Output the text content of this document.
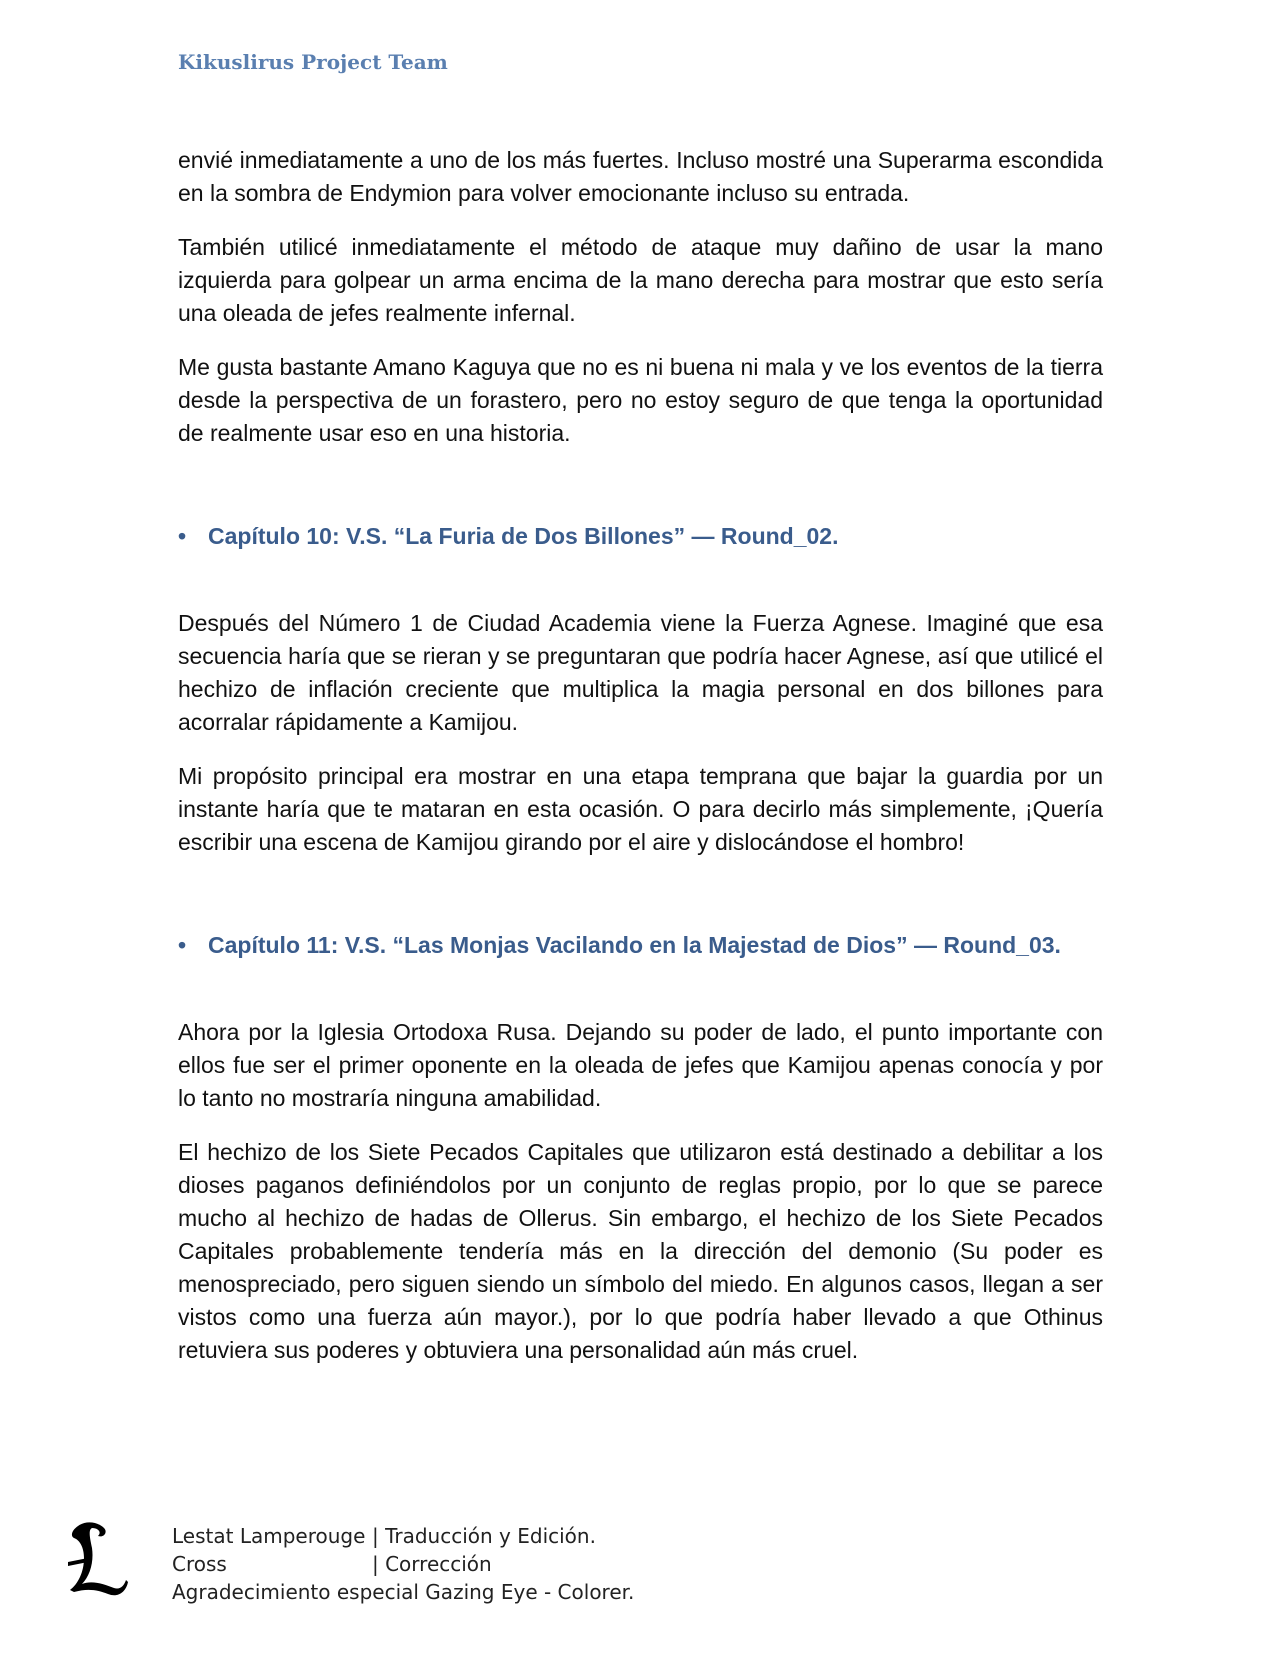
Kikuslirus Project Team

envié inmediatamente a uno de los más fuertes. Incluso mostré una Superarma escondida en la sombra de Endymion para volver emocionante incluso su entrada.

También utilicé inmediatamente el método de ataque muy dañino de usar la mano izquierda para golpear un arma encima de la mano derecha para mostrar que esto sería una oleada de jefes realmente infernal.

Me gusta bastante Amano Kaguya que no es ni buena ni mala y ve los eventos de la tierra desde la perspectiva de un forastero, pero no estoy seguro de que tenga la oportunidad de realmente usar eso en una historia.

• Capítulo 10: V.S. “La Furia de Dos Billones” — Round_02.

Después del Número 1 de Ciudad Academia viene la Fuerza Agnese. Imaginé que esa secuencia haría que se rieran y se preguntaran que podría hacer Agnese, así que utilicé el hechizo de inflación creciente que multiplica la magia personal en dos billones para acorralar rápidamente a Kamijou.

Mi propósito principal era mostrar en una etapa temprana que bajar la guardia por un instante haría que te mataran en esta ocasión. O para decirlo más simplemente, ¡Quería escribir una escena de Kamijou girando por el aire y dislocándose el hombro!

• Capítulo 11: V.S. “Las Monjas Vacilando en la Majestad de Dios” — Round_03.

Ahora por la Iglesia Ortodoxa Rusa. Dejando su poder de lado, el punto importante con ellos fue ser el primer oponente en la oleada de jefes que Kamijou apenas conocía y por lo tanto no mostraría ninguna amabilidad.

El hechizo de los Siete Pecados Capitales que utilizaron está destinado a debilitar a los dioses paganos definiéndolos por un conjunto de reglas propio, por lo que se parece mucho al hechizo de hadas de Ollerus. Sin embargo, el hechizo de los Siete Pecados Capitales probablemente tendería más en la dirección del demonio (Su poder es menospreciado, pero siguen siendo un símbolo del miedo. En algunos casos, llegan a ser vistos como una fuerza aún mayor.), por lo que podría haber llevado a que Othinus retuviera sus poderes y obtuviera una personalidad aún más cruel.

Lestat Lamperouge | Traducción y Edición.
Cross	| Corrección
Agradecimiento especial Gazing Eye - Colorer.
